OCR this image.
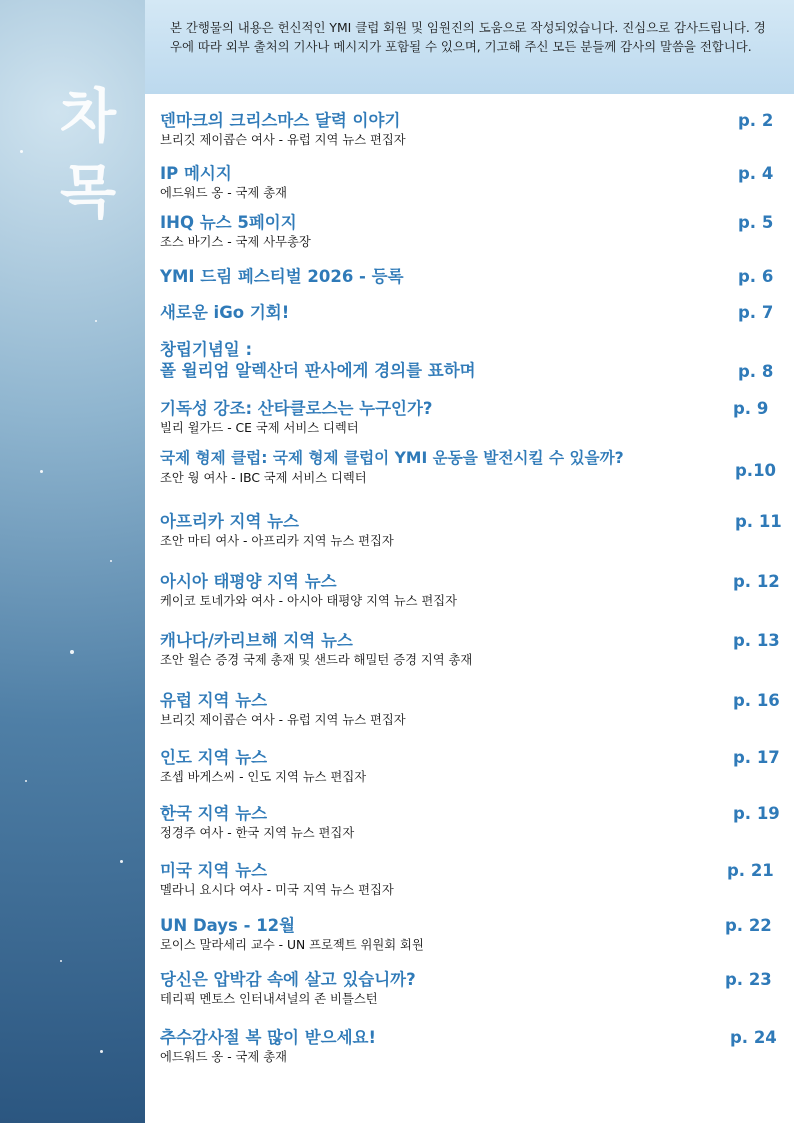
차
목

본 간행물의 내용은 헌신적인 YMI 클럽 회원 및 임원진의 도움으로 작성되었습니다. 진심으로 감사드립니다. 경우에 따라 외부 출처의 기사나 메시지가 포함될 수 있으며, 기고해 주신 모든 분들께 감사의 말씀을 전합니다.

덴마크의 크리스마스 달력 이야기
브리깃 제이콥슨 여사 - 유럽 지역 뉴스 편집자
p. 2
IP 메시지
에드워드 옹 - 국제 총재
p. 4
IHQ 뉴스 5페이지
조스 바기스 - 국제 사무총장
p. 5
YMI 드림 페스티벌 2026 - 등록	p. 6
새로운 iGo 기회!	p. 7
창립기념일 :
폴 윌리엄 알렉산더 판사에게 경의를 표하며	p. 8
기독성 강조: 산타클로스는 누구인가?
빌리 윌가드 - CE 국제 서비스 디렉터
p. 9
국제 형제 클럽: 국제 형제 클럽이 YMI 운동을 발전시킬 수 있을까?
조안 웡 여사 - IBC 국제 서비스 디렉터	p.10
아프리카 지역 뉴스
조안 마티 여사 - 아프리카 지역 뉴스 편집자
p. 11
아시아 태평양 지역 뉴스
케이코 토네가와 여사 - 아시아 태평양 지역 뉴스 편집자
p. 12
캐나다/카리브해 지역 뉴스
조안 윌슨 증경 국제 총재 및 샌드라 해밀턴 증경 지역 총재
p. 13
유럽 지역 뉴스
브리깃 제이콥슨 여사 - 유럽 지역 뉴스 편집자
p. 16
인도 지역 뉴스
조셉 바게스씨 - 인도 지역 뉴스 편집자
p. 17
한국 지역 뉴스
정경주 여사 - 한국 지역 뉴스 편집자
p. 19
미국 지역 뉴스
멜라니 요시다 여사 - 미국 지역 뉴스 편집자
p. 21
UN Days - 12월
로이스 말라세리 교수 - UN 프로젝트 위원회 회원
p. 22
당신은 압박감 속에 살고 있습니까?
테리픽 멘토스 인터내셔널의 존 비틀스턴
p. 23
추수감사절 복 많이 받으세요!
에드워드 옹 - 국제 총재
p. 24
